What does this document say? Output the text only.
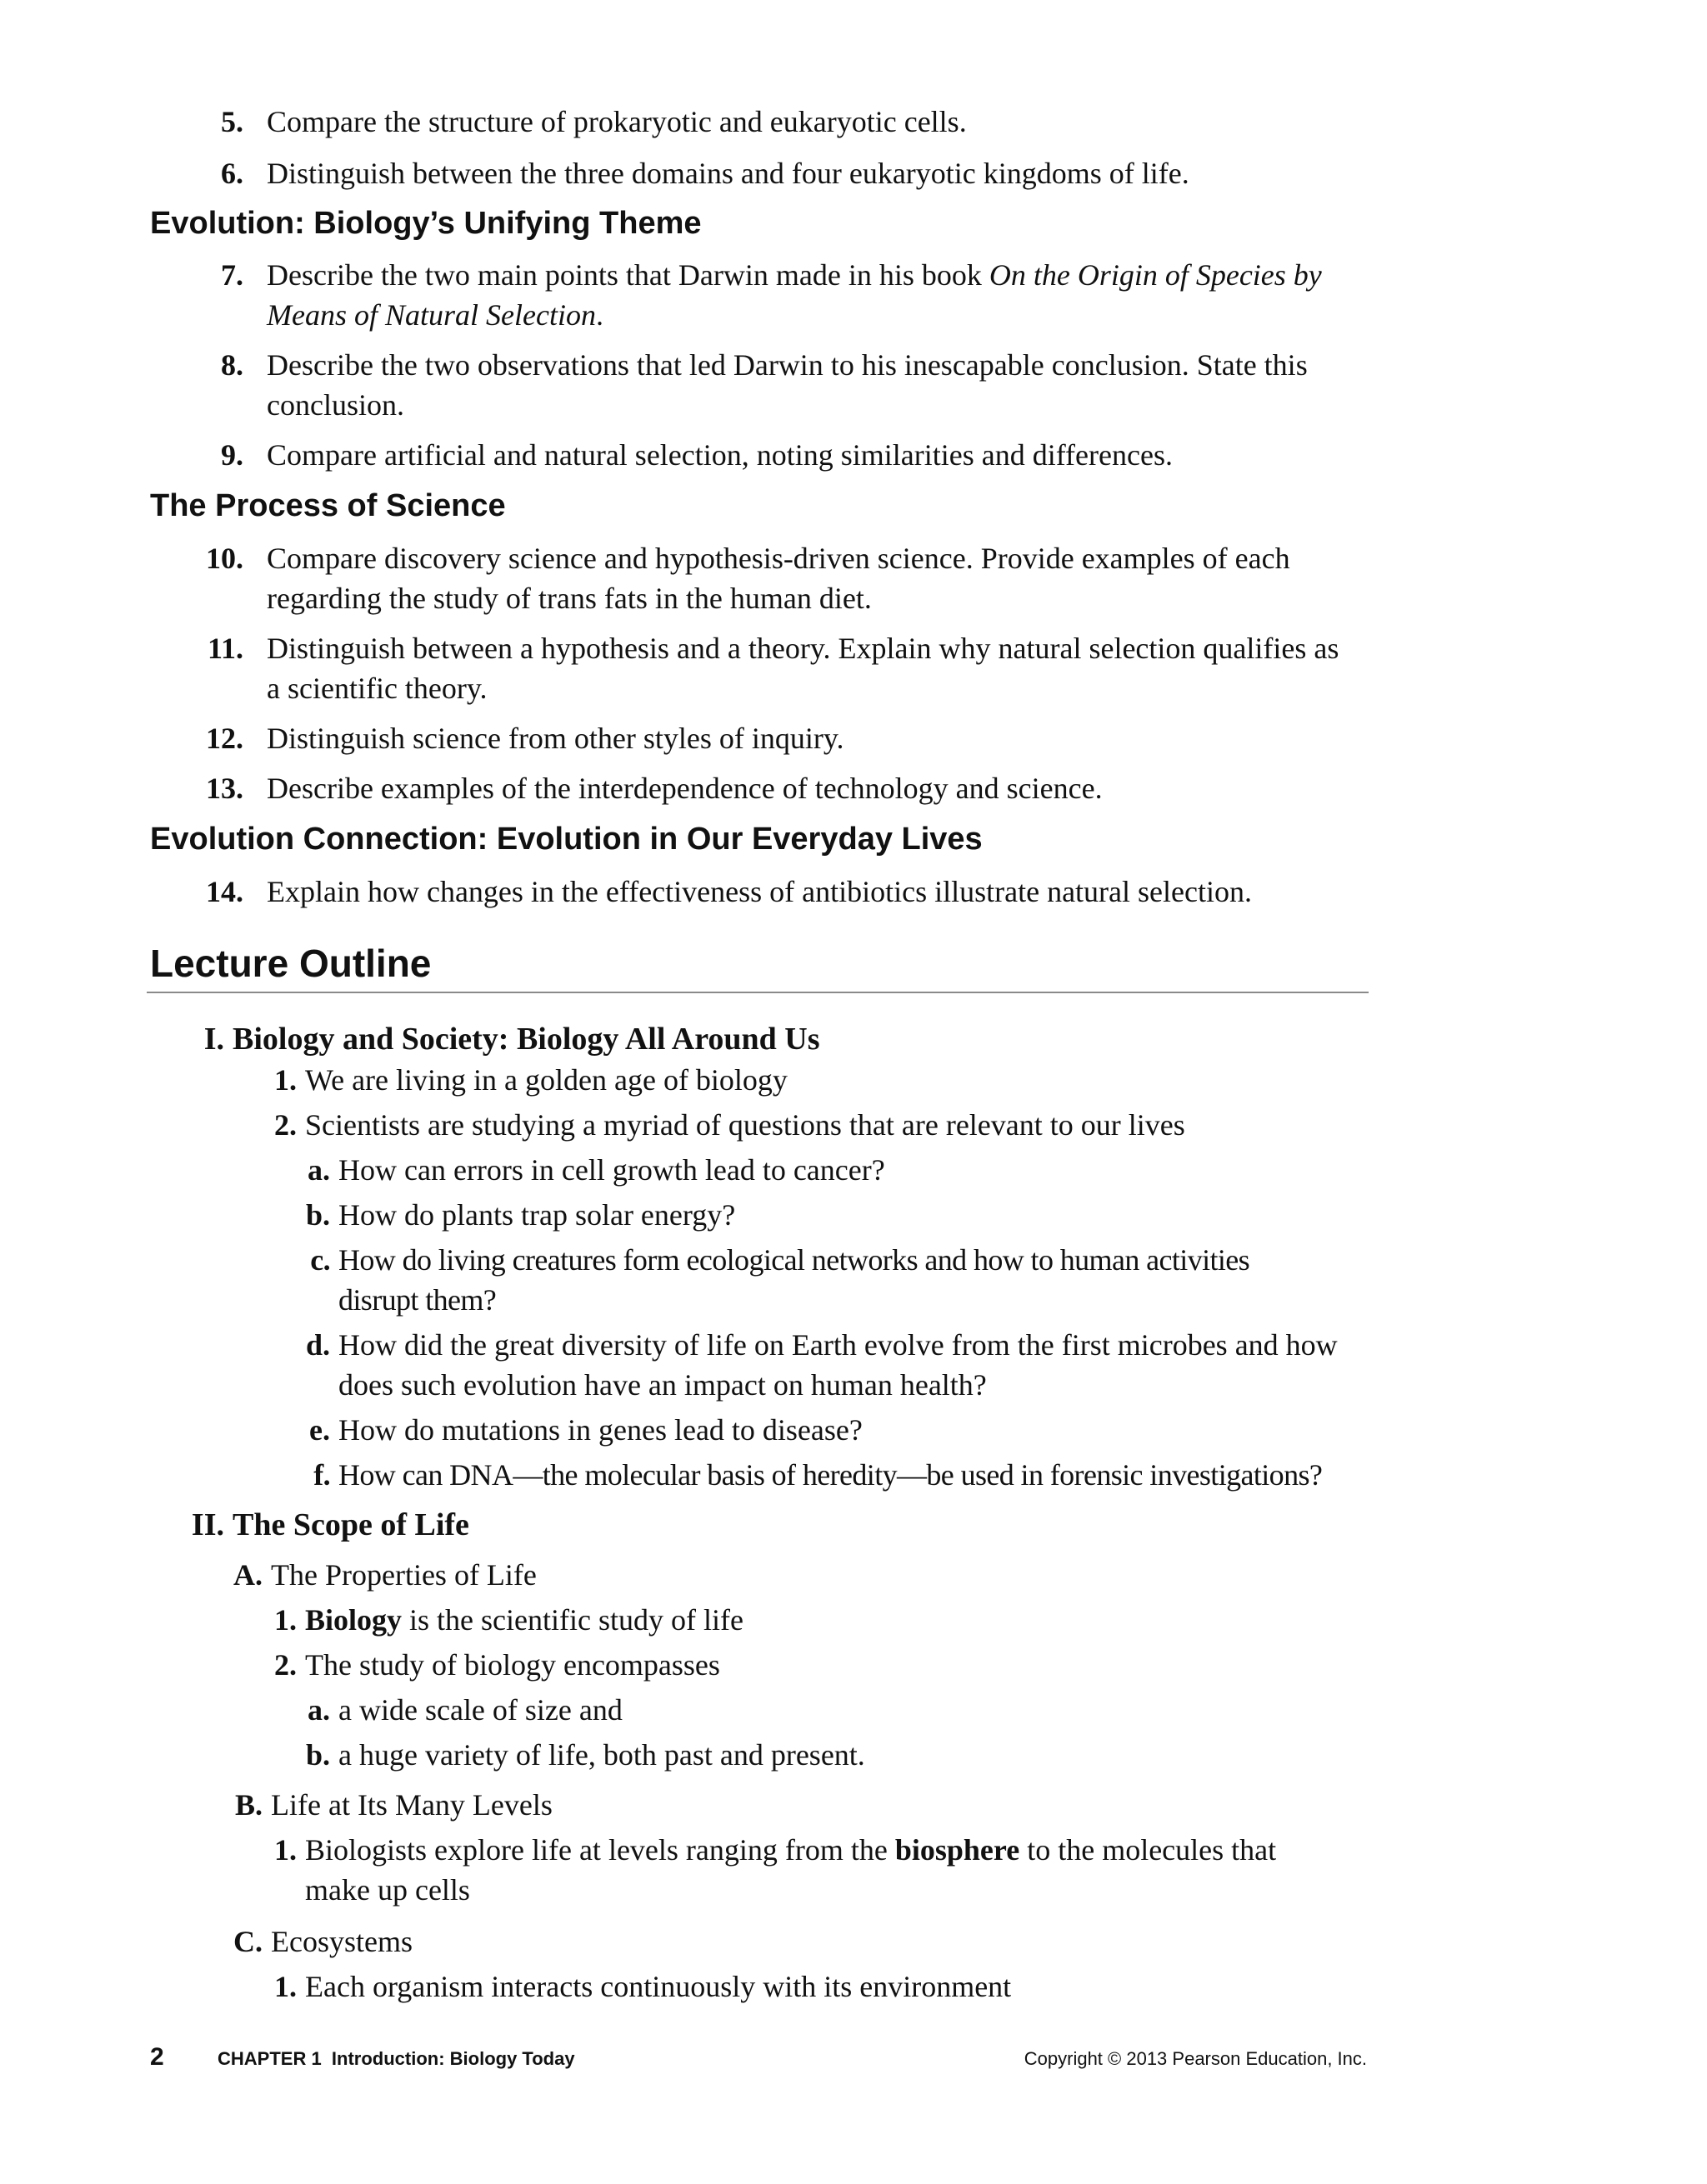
5. Compare the structure of prokaryotic and eukaryotic cells.
6. Distinguish between the three domains and four eukaryotic kingdoms of life.
Evolution: Biology’s Unifying Theme
7. Describe the two main points that Darwin made in his book On the Origin of Species by
Means of Natural Selection.
8. Describe the two observations that led Darwin to his inescapable conclusion. State this
conclusion.
9. Compare artificial and natural selection, noting similarities and differences.
The Process of Science
10. Compare discovery science and hypothesis-driven science. Provide examples of each
regarding the study of trans fats in the human diet.
11. Distinguish between a hypothesis and a theory. Explain why natural selection qualifies as
a scientific theory.
12. Distinguish science from other styles of inquiry.
13. Describe examples of the interdependence of technology and science.
Evolution Connection: Evolution in Our Everyday Lives
14. Explain how changes in the effectiveness of antibiotics illustrate natural selection.
Lecture Outline
I. Biology and Society: Biology All Around Us
1. We are living in a golden age of biology
2. Scientists are studying a myriad of questions that are relevant to our lives
a. How can errors in cell growth lead to cancer?
b. How do plants trap solar energy?
c. How do living creatures form ecological networks and how to human activities
disrupt them?
d. How did the great diversity of life on Earth evolve from the first microbes and how
does such evolution have an impact on human health?
e. How do mutations in genes lead to disease?
f. How can DNA—the molecular basis of heredity—be used in forensic investigations?
II. The Scope of Life
A. The Properties of Life
1. Biology is the scientific study of life
2. The study of biology encompasses
a. a wide scale of size and
b. a huge variety of life, both past and present.
B. Life at Its Many Levels
1. Biologists explore life at levels ranging from the biosphere to the molecules that
make up cells
C. Ecosystems
1. Each organism interacts continuously with its environment
2	CHAPTER 1  Introduction: Biology Today	Copyright © 2013 Pearson Education, Inc.
